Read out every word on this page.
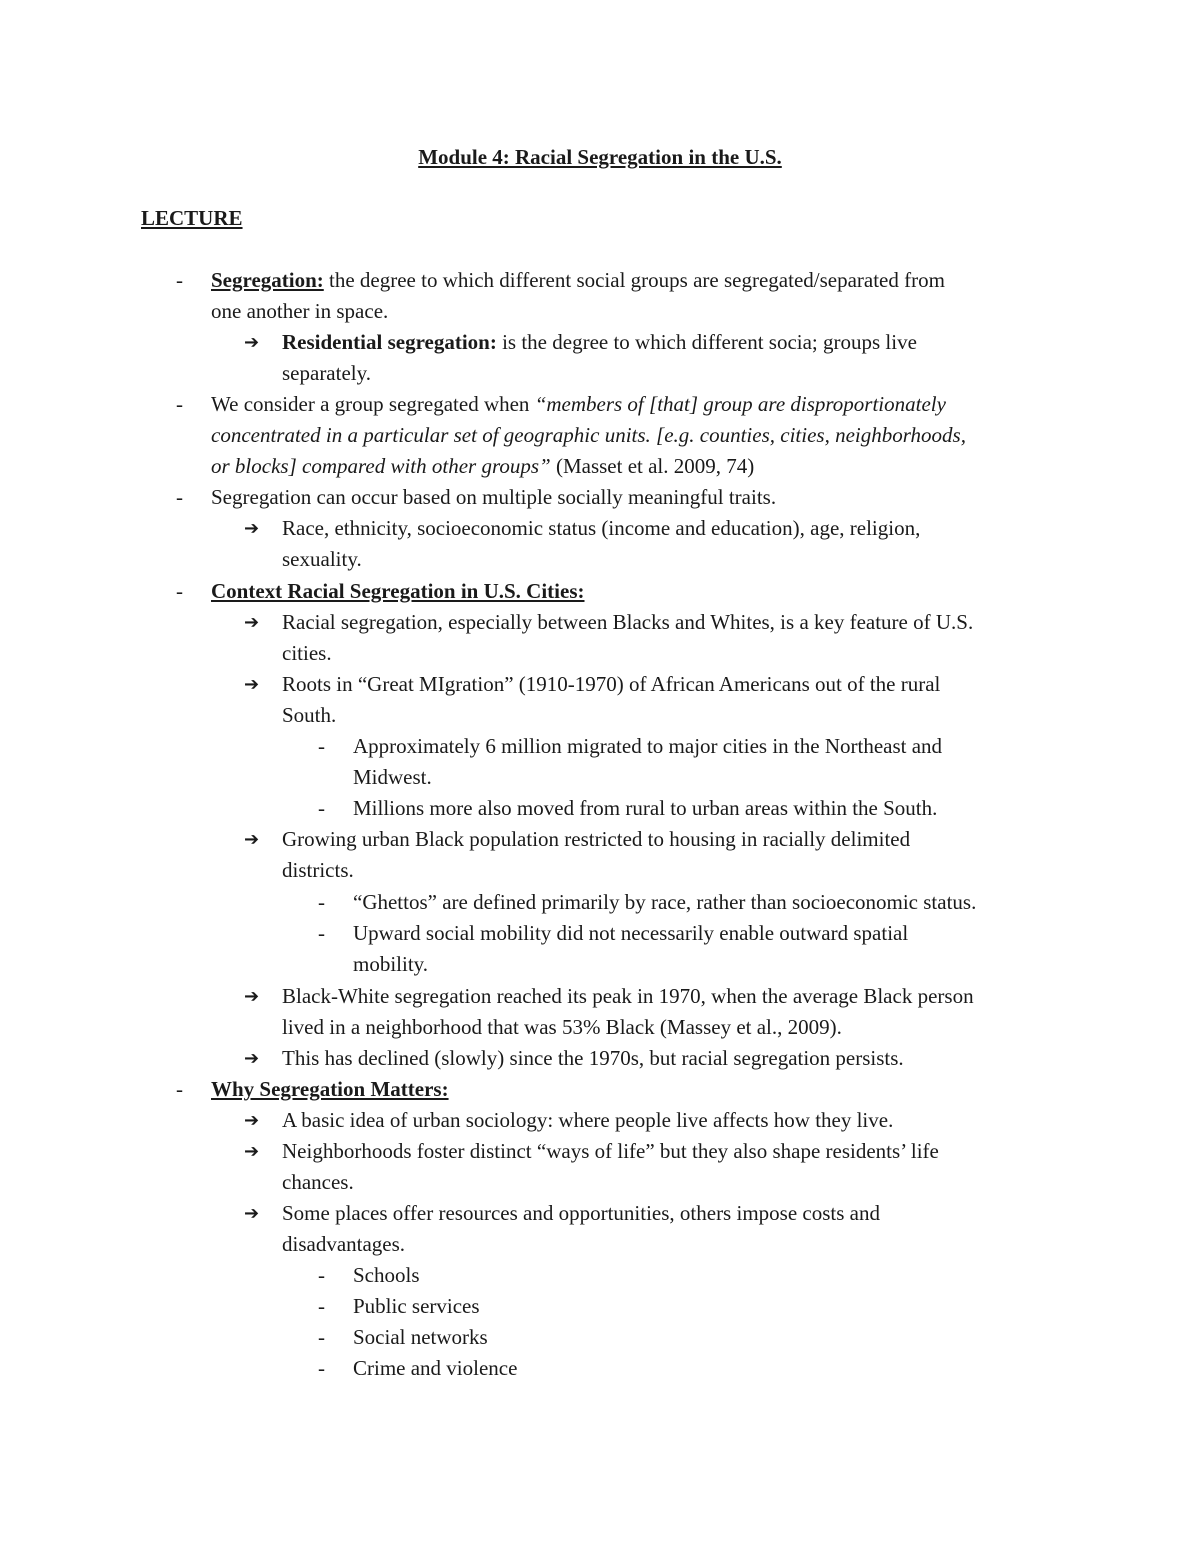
Module 4: Racial Segregation in the U.S.
LECTURE
- Segregation: the degree to which different social groups are segregated/separated from
one another in space.
➔ Residential segregation: is the degree to which different socia; groups live
separately.
- We consider a group segregated when “members of [that] group are disproportionately
concentrated in a particular set of geographic units. [e.g. counties, cities, neighborhoods,
or blocks] compared with other groups” (Masset et al. 2009, 74)
- Segregation can occur based on multiple socially meaningful traits.
➔ Race, ethnicity, socioeconomic status (income and education), age, religion,
sexuality.
- Context Racial Segregation in U.S. Cities:
➔ Racial segregation, especially between Blacks and Whites, is a key feature of U.S.
cities.
➔ Roots in “Great MIgration” (1910-1970) of African Americans out of the rural
South.
- Approximately 6 million migrated to major cities in the Northeast and
Midwest.
- Millions more also moved from rural to urban areas within the South.
➔ Growing urban Black population restricted to housing in racially delimited
districts.
- “Ghettos” are defined primarily by race, rather than socioeconomic status.
- Upward social mobility did not necessarily enable outward spatial
mobility.
➔ Black-White segregation reached its peak in 1970, when the average Black person
lived in a neighborhood that was 53% Black (Massey et al., 2009).
➔ This has declined (slowly) since the 1970s, but racial segregation persists.
- Why Segregation Matters:
➔ A basic idea of urban sociology: where people live affects how they live.
➔ Neighborhoods foster distinct “ways of life” but they also shape residents’ life
chances.
➔ Some places offer resources and opportunities, others impose costs and
disadvantages.
- Schools
- Public services
- Social networks
- Crime and violence
